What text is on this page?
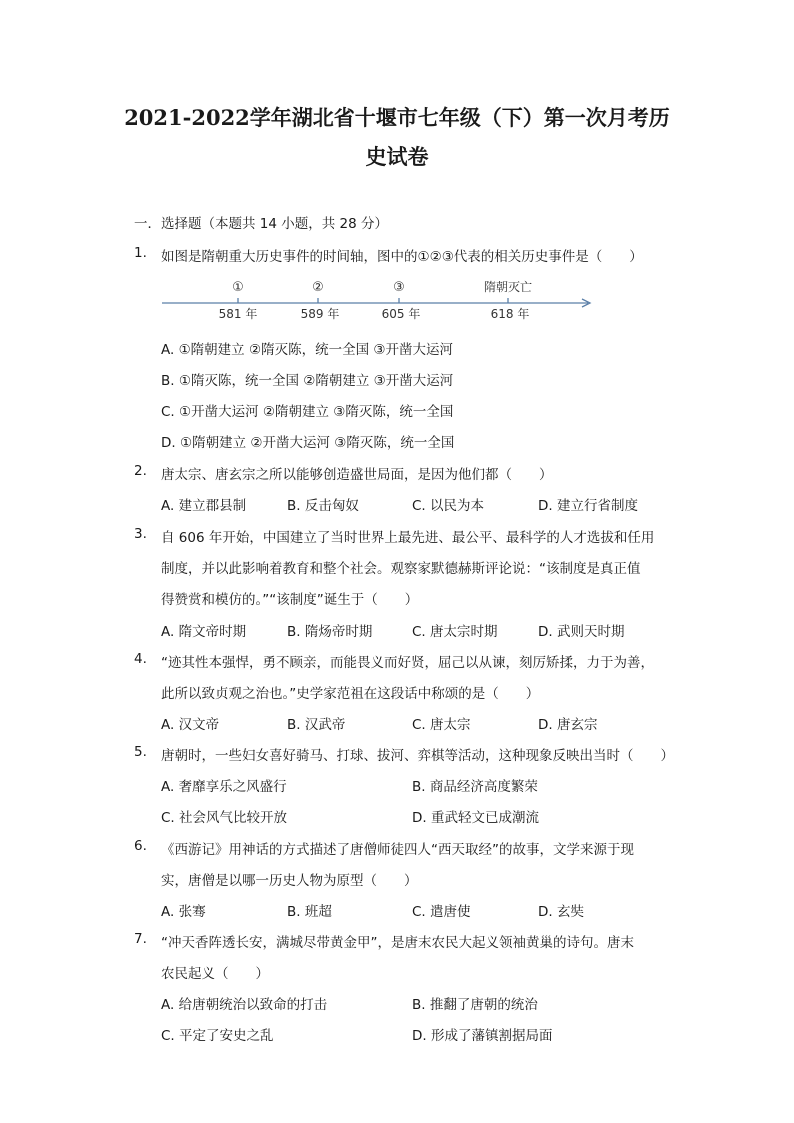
2021-2022学年湖北省十堰市七年级（下）第一次月考历
史试卷
一．选择题（本题共 14 小题，共 28 分）
1. 如图是隋朝重大历史事件的时间轴，图中的①②③代表的相关历史事件是（　　）
①	②	③	隋朝灭亡
581 年	589 年	605 年	618 年
A. ①隋朝建立 ②隋灭陈，统一全国 ③开凿大运河
B. ①隋灭陈，统一全国 ②隋朝建立 ③开凿大运河
C. ①开凿大运河 ②隋朝建立 ③隋灭陈，统一全国
D. ①隋朝建立 ②开凿大运河 ③隋灭陈，统一全国
2. 唐太宗、唐玄宗之所以能够创造盛世局面，是因为他们都（　　）
A. 建立郡县制	B. 反击匈奴	C. 以民为本	D. 建立行省制度
3. 自 606 年开始，中国建立了当时世界上最先进、最公平、最科学的人才选拔和任用
制度，并以此影响着教育和整个社会。观察家默德赫斯评论说：“该制度是真正值
得赞赏和模仿的。”“该制度”诞生于（　　）
A. 隋文帝时期	B. 隋炀帝时期	C. 唐太宗时期	D. 武则天时期
4. “迹其性本强悍，勇不顾亲，而能畏义而好贤，屈己以从谏，刻厉矫揉，力于为善，
此所以致贞观之治也。”史学家范祖在这段话中称颂的是（　　）
A. 汉文帝	B. 汉武帝	C. 唐太宗	D. 唐玄宗
5. 唐朝时，一些妇女喜好骑马、打球、拔河、弈棋等活动，这种现象反映出当时（　　）
A. 奢靡享乐之风盛行	B. 商品经济高度繁荣
C. 社会风气比较开放	D. 重武轻文已成潮流
6. 《西游记》用神话的方式描述了唐僧师徒四人“西天取经”的故事，文学来源于现
实，唐僧是以哪一历史人物为原型（　　）
A. 张骞	B. 班超	C. 遣唐使	D. 玄奘
7. “冲天香阵透长安，满城尽带黄金甲”，是唐末农民大起义领袖黄巢的诗句。唐末
农民起义（　　）
A. 给唐朝统治以致命的打击	B. 推翻了唐朝的统治
C. 平定了安史之乱	D. 形成了藩镇割据局面
